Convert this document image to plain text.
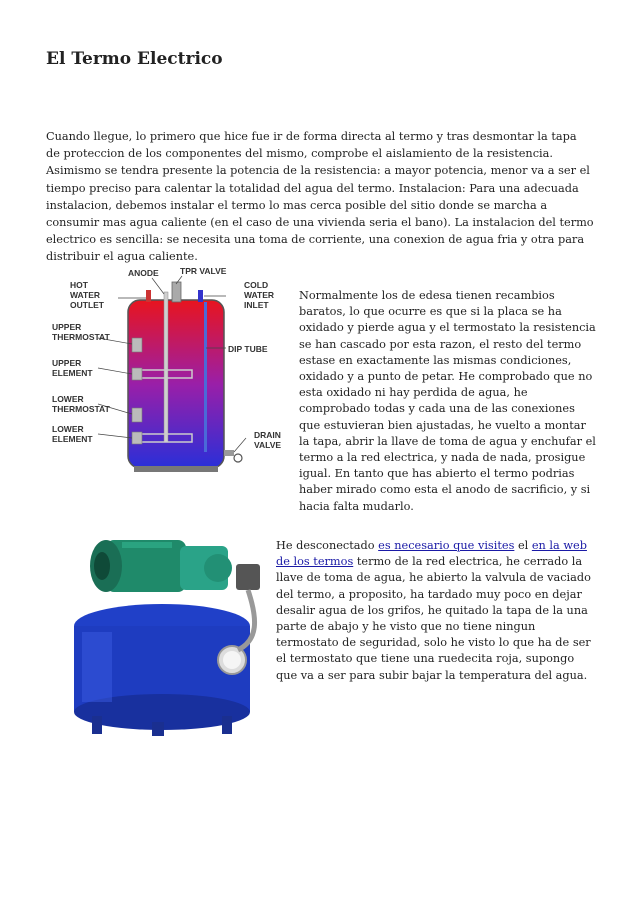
El Termo Electrico

Cuando llegue, lo primero que hice fue ir de forma directa al termo y tras desmontar la tapa de proteccion de los componentes del mismo, comprobe el aislamiento de la resistencia. Asimismo se tendra presente la potencia de la resistencia: a mayor potencia, menor va a ser el tiempo preciso para calentar la totalidad del agua del termo. Instalacion: Para una adecuada instalacion, debemos instalar el termo lo mas cerca posible del sitio donde se marcha a consumir mas agua caliente (en el caso de una vivienda seria el bano). La instalacion del termo electrico es sencilla: se necesita una toma de corriente, una conexion de agua fria y otra para distribuir el agua caliente.

HOT
WATER
OUTLET
ANODE	TPR VALVE
COLD
WATER
INLET
UPPER
THERMOSTAT
UPPER
ELEMENT
LOWER
THERMOSTAT
LOWER
ELEMENT
DIP TUBE
DRAIN
VALVE

Normalmente los de edesa tienen recambios baratos, lo que ocurre es que si la placa se ha oxidado y pierde agua y el termostato la resistencia se han cascado por esta razon, el resto del termo estase en exactamente las mismas condiciones, oxidado y a punto de petar. He comprobado que no esta oxidado ni hay perdida de agua, he comprobado todas y cada una de las conexiones que estuvieran bien ajustadas, he vuelto a montar la tapa, abrir la llave de toma de agua y enchufar el termo a la red electrica, y nada de nada, prosigue igual. En tanto que has abierto el termo podrias haber mirado como esta el anodo de sacrificio, y si hacia falta mudarlo.

He desconectado es necesario que visites el en la web de los termos termo de la red electrica, he cerrado la llave de toma de agua, he abierto la valvula de vaciado del termo, a proposito, ha tardado muy poco en dejar desalir agua de los grifos, he quitado la tapa de la una parte de abajo y he visto que no tiene ningun termostato de seguridad, solo he visto lo que ha de ser el termostato que tiene una ruedecita roja, supongo que va a ser para subir bajar la temperatura del agua.
